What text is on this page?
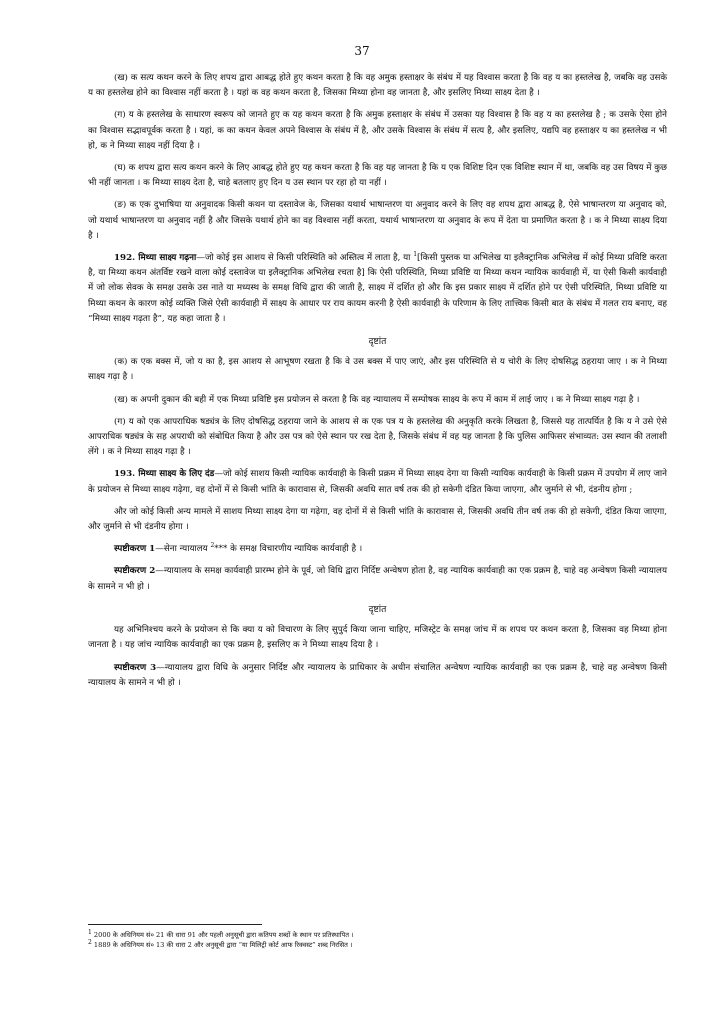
37

(ख) क सत्य कथन करने के लिए शपथ द्वारा आबद्ध होते हुए कथन करता है कि वह अमुक हस्ताक्षर के संबंध में यह विश्वास करता है कि वह य का हस्तलेख है, जबकि वह उसके य का हस्तलेख होने का विश्वास नहीं करता है । यहां क वह कथन करता है, जिसका मिथ्या होना वह जानता है, और इसलिए मिथ्या साक्ष्य देता है ।

(ग) य के हस्तलेख के साधारण स्वरूप को जानते हुए क यह कथन करता है कि अमुक हस्ताक्षर के संबंध में उसका यह विश्वास है कि वह य का हस्तलेख है ; क उसके ऐसा होने का विश्वास सद्भावपूर्वक करता है । यहां, क का कथन केवल अपने विश्वास के संबंध में है, और उसके विश्वास के संबंध में सत्य है, और इसलिए, यद्यपि वह हस्ताक्षर य का हस्तलेख न भी हो, क ने मिथ्या साक्ष्य नहीं दिया है ।

(घ) क शपथ द्वारा सत्य कथन करने के लिए आबद्ध होते हुए यह कथन करता है कि वह यह जानता है कि य एक विशिष्ट दिन एक विशिष्ट स्थान में था, जबकि वह उस विषय में कुछ भी नहीं जानता । क मिथ्या साक्ष्य देता है, चाहे बतलाए हुए दिन य उस स्थान पर रहा हो या नहीं ।

(ङ) क एक दुभाषिया या अनुवादक किसी कथन या दस्तावेज के, जिसका यथार्थ भाषान्तरण या अनुवाद करने के लिए वह शपथ द्वारा आबद्ध है, ऐसे भाषान्तरण या अनुवाद को, जो यथार्थ भाषान्तरण या अनुवाद नहीं है और जिसके यथार्थ होने का वह विश्वास नहीं करता, यथार्थ भाषान्तरण या अनुवाद के रूप में देता या प्रमाणित करता है । क ने मिथ्या साक्ष्य दिया है ।

192. मिथ्या साक्ष्य गढ़ना—जो कोई इस आशय से किसी परिस्थिति को अस्तित्व में लाता है, या $^1$[किसी पुस्तक या अभिलेख या इलैक्ट्रानिक अभिलेख में कोई मिथ्या प्रविष्टि करता है, या मिथ्या कथन अंतर्विष्ट रखने वाला कोई दस्तावेज या इलैक्ट्रानिक अभिलेख रचता है] कि ऐसी परिस्थिति, मिथ्या प्रविष्टि या मिथ्या कथन न्यायिक कार्यवाही में, या ऐसी किसी कार्यवाही में जो लोक सेवक के समक्ष उसके उस नाते या मध्यस्थ के समक्ष विधि द्वारा की जाती है, साक्ष्य में दर्शित हो और कि इस प्रकार साक्ष्य में दर्शित होने पर ऐसी परिस्थिति, मिथ्या प्रविष्टि या मिथ्या कथन के कारण कोई व्यक्ति जिसे ऐसी कार्यवाही में साक्ष्य के आधार पर राय कायम करनी है ऐसी कार्यवाही के परिणाम के लिए तात्त्विक किसी बात के संबंध में गलत राय बनाए, वह “मिथ्या साक्ष्य गढ़ता है”, यह कहा जाता है ।

दृष्टांत

(क) क एक बक्स में, जो य का है, इस आशय से आभूषण रखता है कि वे उस बक्स में पाए जाएं, और इस परिस्थिति से य चोरी के लिए दोषसिद्ध ठहराया जाए । क ने मिथ्या साक्ष्य गढ़ा है ।

(ख) क अपनी दुकान की बही में एक मिथ्या प्रविष्टि इस प्रयोजन से करता है कि वह न्यायालय में सम्पोषक साक्ष्य के रूप में काम में लाई जाए । क ने मिथ्या साक्ष्य गढ़ा है ।

(ग) य को एक आपराधिक षड्यंत्र के लिए दोषसिद्ध ठहराया जाने के आशय से क एक पत्र य के हस्तलेख की अनुकृति करके लिखता है, जिससे यह तात्पर्यित है कि य ने उसे ऐसे आपराधिक षड्यंत्र के सह अपराधी को संबोधित किया है और उस पत्र को ऐसे स्थान पर रख देता है, जिसके संबंध में वह यह जानता है कि पुलिस आफिसर संभाव्यत: उस स्थान की तलाशी लेंगे । क ने मिथ्या साक्ष्य गढ़ा है ।

193. मिथ्या साक्ष्य के लिए दंड—जो कोई साशय किसी न्यायिक कार्यवाही के किसी प्रक्रम में मिथ्या साक्ष्य देगा या किसी न्यायिक कार्यवाही के किसी प्रक्रम में उपयोग में लाए जाने के प्रयोजन से मिथ्या साक्ष्य गढ़ेगा, वह दोनों में से किसी भांति के कारावास से, जिसकी अवधि सात वर्ष तक की हो सकेगी दंडित किया जाएगा, और जुर्माने से भी, दंडनीय होगा ;

और जो कोई किसी अन्य मामले में साशय मिथ्या साक्ष्य देगा या गढ़ेगा, वह दोनों में से किसी भांति के कारावास से, जिसकी अवधि तीन वर्ष तक की हो सकेगी, दंडित किया जाएगा, और जुर्माने से भी दंडनीय होगा ।

स्पष्टीकरण 1—सेना न्यायालय $^2$*** के समक्ष विचारणीय न्यायिक कार्यवाही है ।

स्पष्टीकरण 2—न्यायालय के समक्ष कार्यवाही प्रारम्भ होने के पूर्व, जो विधि द्वारा निर्दिष्ट अन्वेषण होता है, वह न्यायिक कार्यवाही का एक प्रक्रम है, चाहे वह अन्वेषण किसी न्यायालय के सामने न भी हो ।

दृष्टांत

यह अभिनिश्चय करने के प्रयोजन से कि क्या य को विचारण के लिए सुपुर्द किया जाना चाहिए, मजिस्ट्रेट के समक्ष जांच में क शपथ पर कथन करता है, जिसका वह मिथ्या होना जानता है । यह जांच न्यायिक कार्यवाही का एक प्रक्रम है, इसलिए क ने मिथ्या साक्ष्य दिया है ।

स्पष्टीकरण 3—न्यायालय द्वारा विधि के अनुसार निर्दिष्ट और न्यायालय के प्राधिकार के अधीन संचालित अन्वेषण न्यायिक कार्यवाही का एक प्रक्रम है, चाहे वह अन्वेषण किसी न्यायालय के सामने न भी हो ।

$^1$ 2000 के अधिनियम सं० 21 की धारा 91 और पहली अनुसूची द्वारा कतिपय शब्दों के स्थान पर प्रतिस्थापित ।

$^2$ 1889 के अधिनियम सं० 13 की धारा 2 और अनुसूची द्वारा “या मिलिट्री कोर्ट आफ रिक्वस्ट” शब्द निरसित ।
